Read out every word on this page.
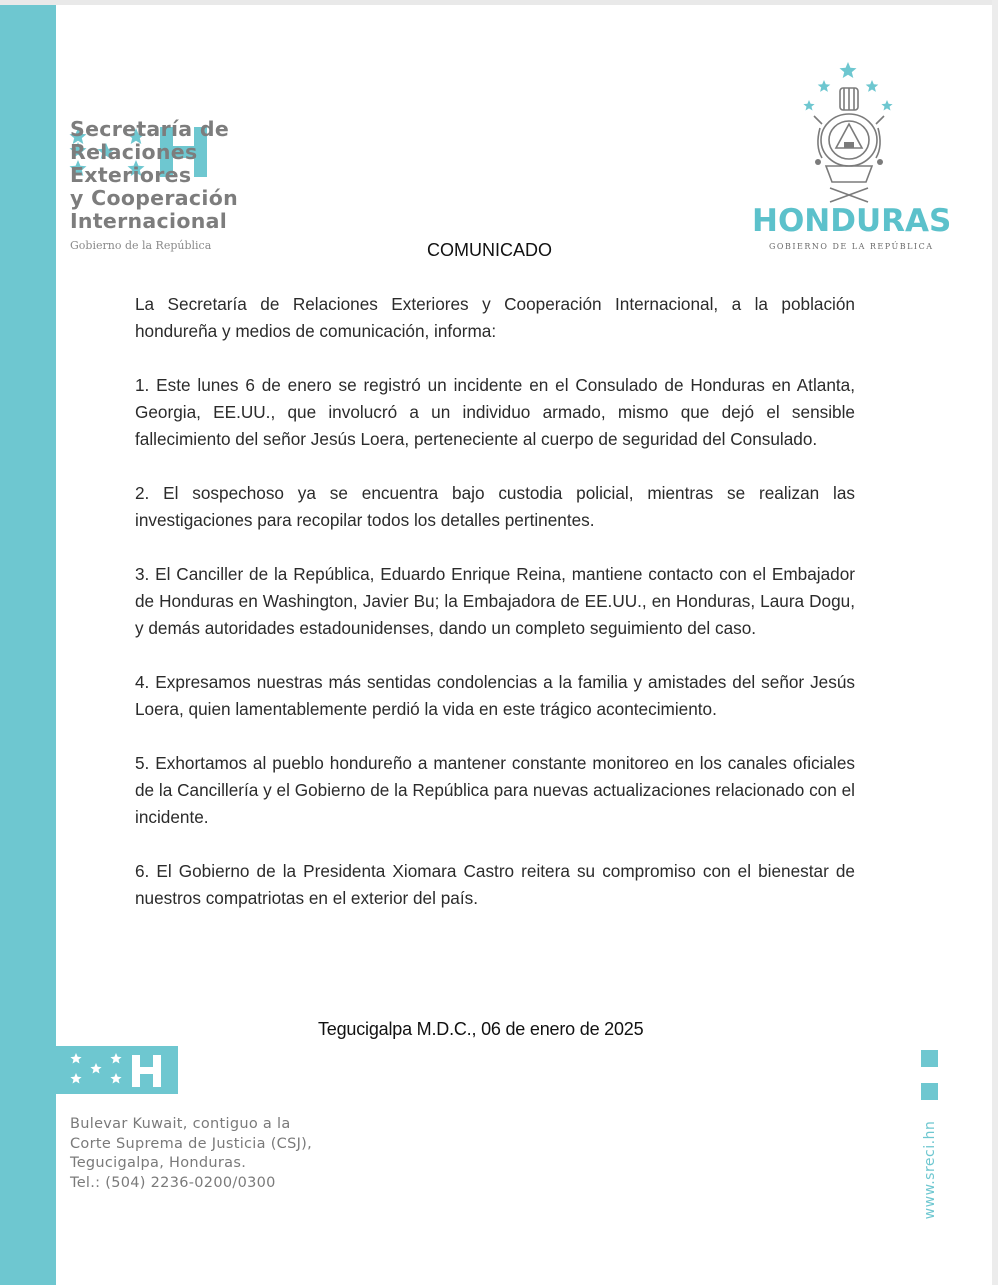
Secretaría de
Relaciones
Exteriores
y Cooperación
Internacional
Gobierno de la República
HONDURAS
GOBIERNO DE LA REPÚBLICA
COMUNICADO

La Secretaría de Relaciones Exteriores y Cooperación Internacional, a la población hondureña y medios de comunicación, informa:

1. Este lunes 6 de enero se registró un incidente en el Consulado de Honduras en Atlanta, Georgia, EE.UU., que involucró a un individuo armado, mismo que dejó el sensible fallecimiento del señor Jesús Loera, perteneciente al cuerpo de seguridad del Consulado.

2. El sospechoso ya se encuentra bajo custodia policial, mientras se realizan las investigaciones para recopilar todos los detalles pertinentes.

3. El Canciller de la República, Eduardo Enrique Reina, mantiene contacto con el Embajador de Honduras en Washington, Javier Bu; la Embajadora de EE.UU., en Honduras, Laura Dogu, y demás autoridades estadounidenses, dando un completo seguimiento del caso.

4. Expresamos nuestras más sentidas condolencias a la familia y amistades del señor Jesús Loera, quien lamentablemente perdió la vida en este trágico acontecimiento.

5. Exhortamos al pueblo hondureño a mantener constante monitoreo en los canales oficiales de la Cancillería y el Gobierno de la República para nuevas actualizaciones relacionado con el incidente.

6. El Gobierno de la Presidenta Xiomara Castro reitera su compromiso con el bienestar de nuestros compatriotas en el exterior del país.

Tegucigalpa M.D.C., 06 de enero de 2025
Bulevar Kuwait, contiguo a la
Corte Suprema de Justicia (CSJ),
Tegucigalpa, Honduras.
Tel.: (504) 2236-0200/0300	www.sreci.hn
